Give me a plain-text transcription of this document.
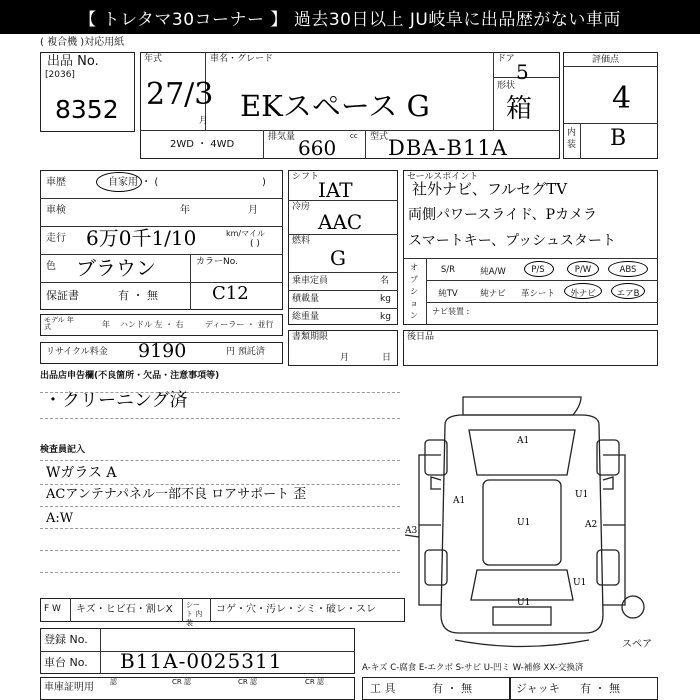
【 トレタマ30コーナー 】 過去30日以上 JU岐阜に出品歴がない車両
( 複合機 )対応用紙
出品 No.
[2036]
8352
年式
27/3
月
車名・グレード
EKスペース G
ドア
5
形状
箱
2WD ・ 4WD
排気量	cc
660	型式 DBA-B11A
評価点
4
内装 B
車歴	自家用 ・ (	)
車検	年	月
走行 6万0千1/10	km/マイル
( )
色 ブラウン	カラーNo.
C12
保証書	有 ・ 無
モデル 年 式	年 ハンドル 左 ・ 右	ディーラー ・ 並行
リサイクル料金 9190	円 預託済
シフト
IAT
冷房
AAC
燃料
G
乗車定員	名
積載量	kg
総重量	kg
書類期限
月	日
セールスポイント
社外ナビ、フルセグTV
両側パワースライド、Pカメラ
スマートキー、プッシュスタート
オプション
S/R	純A/W	P/S	P/W	ABS
純TV	純ナビ	革シート	外ナビ	エアB
ナビ装置 :
後日品
出品店申告欄(不良箇所・欠品・注意事項等)
・クリーニング済
検査員記入
Wガラス A
ACアンテナパネル一部不良 ロアサポート 歪
A:W
A1
A1
U1
U1
U1
A2
A3
U1
スペア
F W キズ・ヒビ石・割レX シート 内 装
コゲ・穴・汚レ・シミ・破レ・スレ
登録 No.
車台 No. B11A-0025311
車庫証明用 認	CR 認	CR 認	CR 認
A-キズ C-腐食 E-エクボ S-サビ U-凹ミ W-補修 XX-交換済
工 具	有 ・ 無	ジャッキ 有 ・ 無
